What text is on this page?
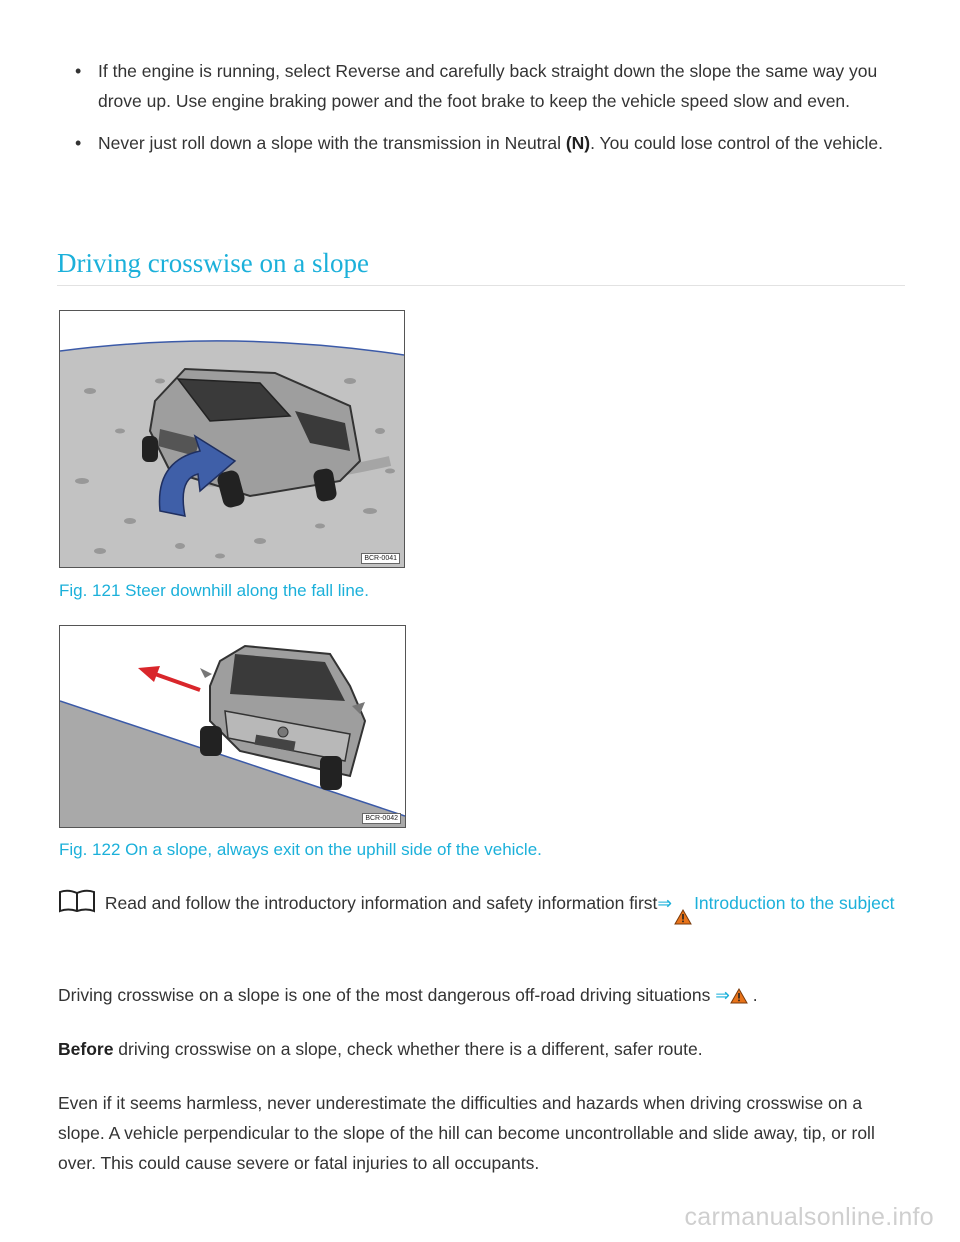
• If the engine is running, select Reverse and carefully back straight down the slope the same way you drove up. Use engine braking power and the foot brake to keep the vehicle speed slow and even.
• Never just roll down a slope with the transmission in Neutral (N). You could lose control of the vehicle.
Driving crosswise on a slope
BCR-0041
Fig. 121 Steer downhill along the fall line.
BCR-0042
Fig. 122 On a slope, always exit on the uphill side of the vehicle.
Read and follow the introductory information and safety information first⇒ Introduction to the subject
Driving crosswise on a slope is one of the most dangerous off-road driving situations ⇒ .
Before driving crosswise on a slope, check whether there is a different, safer route.
Even if it seems harmless, never underestimate the difficulties and hazards when driving crosswise on a slope. A vehicle perpendicular to the slope of the hill can become uncontrollable and slide away, tip, or roll over. This could cause severe or fatal injuries to all occupants.
carmanualsonline.info
